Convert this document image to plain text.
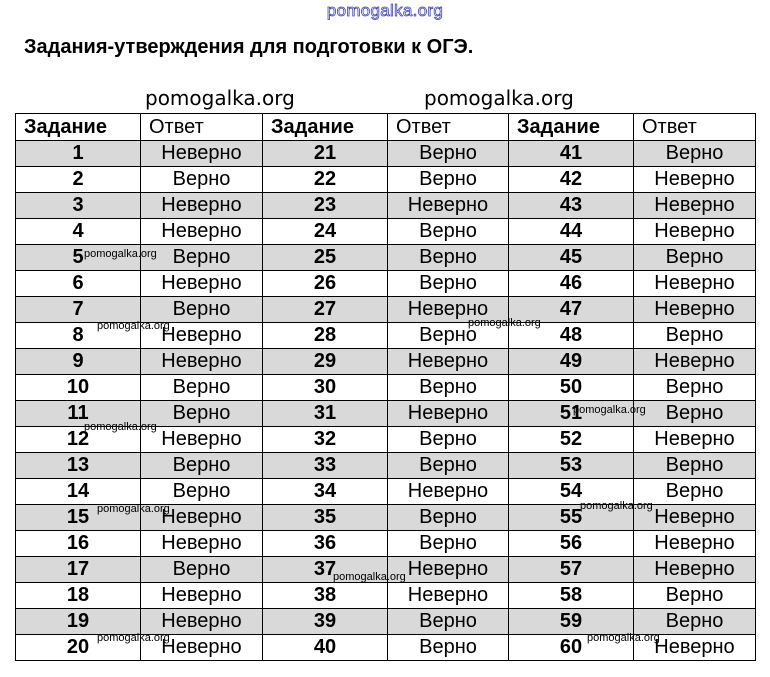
pomogalka.org
Задания-утверждения для подготовки к ОГЭ.
pomogalka.org	pomogalka.org
Задание	Ответ	Задание	Ответ	Задание	Ответ
1	Неверно	21	Верно	41	Верно
2	Верно	22	Верно	42	Неверно
3	Неверно	23	Неверно	43	Неверно
4	Неверно	24	Верно	44	Неверно
5	Верно	25	Верно	45	Верно
6	Неверно	26	Верно	46	Неверно
7	Верно	27	Неверно	47	Неверно
8	Неверно	28	Верно	48	Верно
9	Неверно	29	Неверно	49	Неверно
10	Верно	30	Верно	50	Верно
11	Верно	31	Неверно	51	Верно
12	Неверно	32	Верно	52	Неверно
13	Верно	33	Верно	53	Верно
14	Верно	34	Неверно	54	Верно
15	Неверно	35	Верно	55	Неверно
16	Неверно	36	Верно	56	Неверно
17	Верно	37	Неверно	57	Неверно
18	Неверно	38	Неверно	58	Верно
19	Неверно	39	Верно	59	Верно
20	Неверно	40	Верно	60	Неверно
pomogalka.org
pomogalka.org	pomogalka.org
pomogalka.org
pomogalka.org
pomogalka.org
pomogalka.org
pomogalka.org
pomogalka.org	pomogalka.org
